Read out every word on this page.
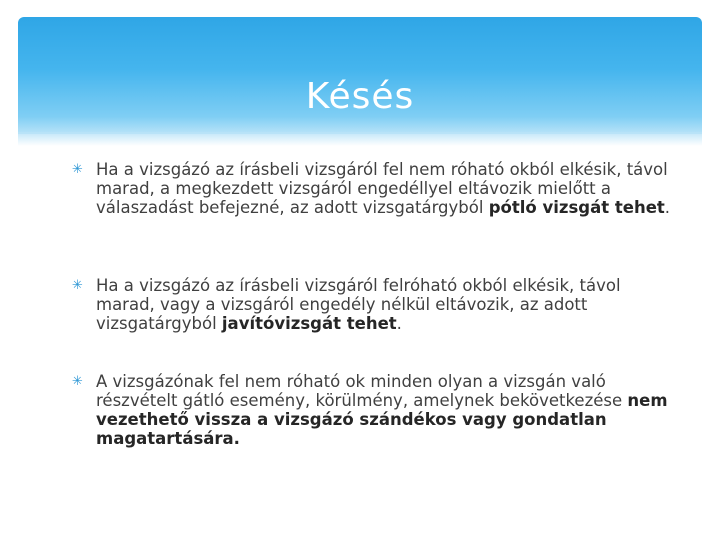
Késés
✳ Ha a vizsgázó az írásbeli vizsgáról fel nem róható okból elkésik, távol marad, a megkezdett vizsgáról engedéllyel eltávozik mielőtt a válaszadást befejezné, az adott vizsgatárgyból pótló vizsgát tehet.
✳ Ha a vizsgázó az írásbeli vizsgáról felróható okból elkésik, távol marad, vagy a vizsgáról engedély nélkül eltávozik, az adott vizsgatárgyból javítóvizsgát tehet.
✳ A vizsgázónak fel nem róható ok minden olyan a vizsgán való részvételt gátló esemény, körülmény, amelynek bekövetkezése nem vezethető vissza a vizsgázó szándékos vagy gondatlan magatartására.
